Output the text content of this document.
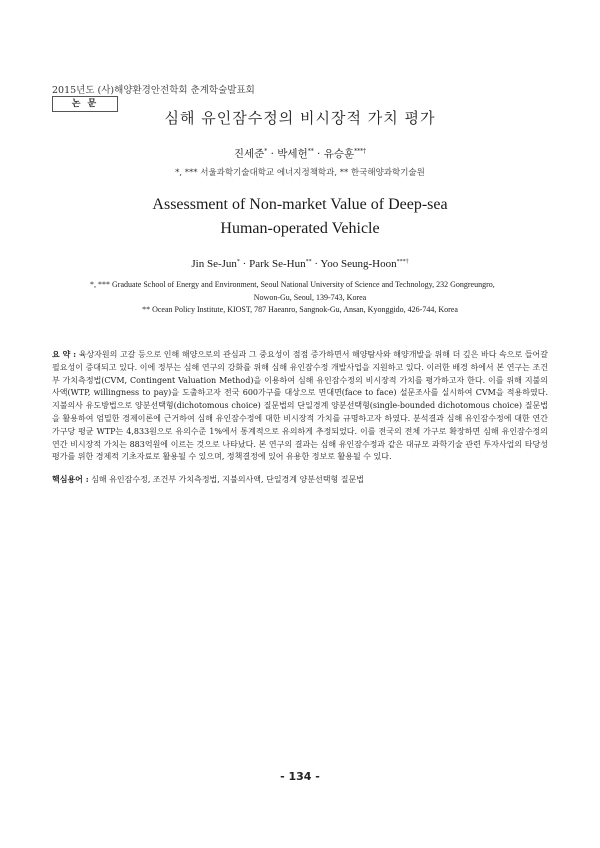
2015년도 (사)해양환경안전학회 춘계학술발표회
논 문
심해 유인잠수정의 비시장적 가치 평가
진세준* · 박세헌** · 유승훈***†
*, *** 서울과학기술대학교 에너지정책학과, ** 한국해양과학기술원
Assessment of Non-market Value of Deep-sea
Human-operated Vehicle
Jin Se-Jun* · Park Se-Hun** · Yoo Seung-Hoon***†
*, *** Graduate School of Energy and Environment, Seoul National University of Science and Technology, 232 Gongreungro,
Nowon-Gu, Seoul, 139-743, Korea
** Ocean Policy Institute, KIOST, 787 Haeanro, Sangnok-Gu, Ansan, Kyonggido, 426-744, Korea
요 약 : 육상자원의 고갈 등으로 인해 해양으로의 관심과 그 중요성이 점점 증가하면서 해양탐사와 해양개발을 위해 더 깊은 바다 속으로 들어갈 필요성이 증대되고 있다. 이에 정부는 심해 연구의 강화를 위해 심해 유인잠수정 개발사업을 지원하고 있다. 이러한 배경 하에서 본 연구는 조건부 가치측정법(CVM, Contingent Valuation Method)을 이용하여 심해 유인잠수정의 비시장적 가치를 평가하고자 한다. 이를 위해 지불의사액(WTP, willingness to pay)을 도출하고자 전국 600가구를 대상으로 면대면(face to face) 설문조사를 실시하여 CVM을 적용하였다. 지불의사 유도방법으로 양분선택형(dichotomous choice) 질문법의 단일경계 양분선택형(single-bounded dichotomous choice) 질문법을 활용하여 엄밀한 경제이론에 근거하여 심해 유인잠수정에 대한 비시장적 가치를 규명하고자 하였다. 분석결과 심해 유인잠수정에 대한 연간 가구당 평균 WTP는 4,833원으로 유의수준 1%에서 통계적으로 유의하게 추정되었다. 이를 전국의 전체 가구로 확장하면 심해 유인잠수정의 연간 비시장적 가치는 883억원에 이르는 것으로 나타났다. 본 연구의 결과는 심해 유인잠수정과 같은 대규모 과학기술 관련 투자사업의 타당성 평가를 위한 경제적 기초자료로 활용될 수 있으며, 정책결정에 있어 유용한 정보로 활용될 수 있다.
핵심용어 : 심해 유인잠수정, 조건부 가치측정법, 지불의사액, 단일경계 양분선택형 질문법
- 134 -
